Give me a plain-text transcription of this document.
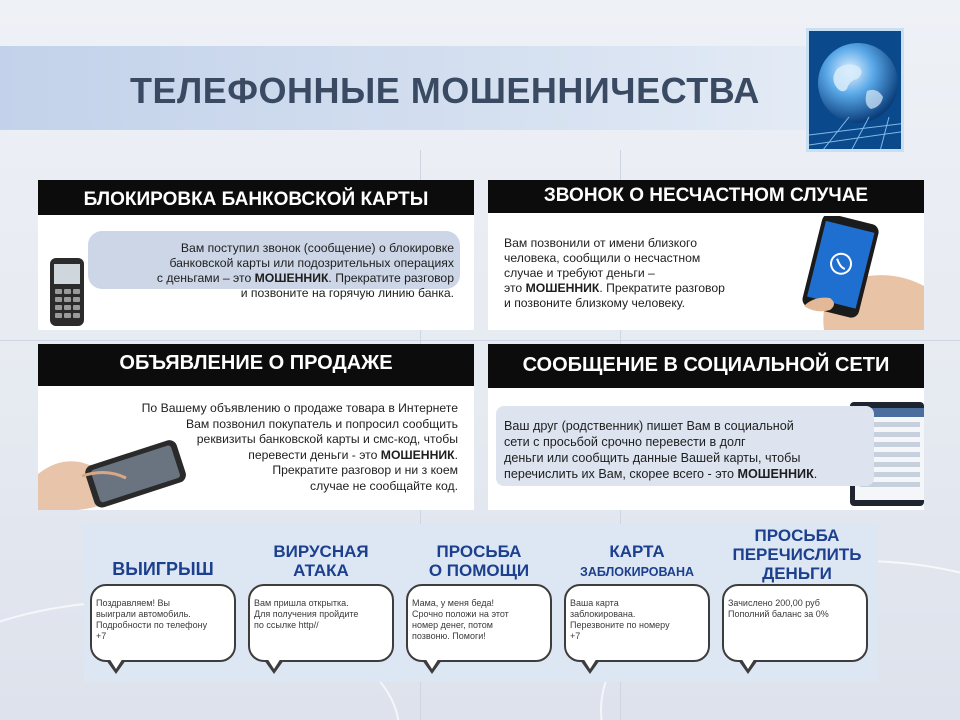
ТЕЛЕФОННЫЕ МОШЕННИЧЕСТВА
БЛОКИРОВКА БАНКОВСКОЙ КАРТЫ
Вам поступил звонок (сообщение) о блокировке
банковской карты или подозрительных операциях
с деньгами – это МОШЕННИК. Прекратите разговор
и позвоните на горячую линию банка.
ЗВОНОК О НЕСЧАСТНОМ СЛУЧАЕ
Вам позвонили от имени близкого
человека, сообщили о несчастном
случае и требуют деньги –
это МОШЕННИК. Прекратите разговор
и позвоните близкому человеку.
ОБЪЯВЛЕНИЕ О ПРОДАЖЕ
По Вашему объявлению о продаже товара в Интернете
Вам позвонил покупатель и попросил сообщить
реквизиты банковской карты и смс-код, чтобы
перевести деньги - это МОШЕННИК.
Прекратите разговор и ни з коем
случае не сообщайте код.
СООБЩЕНИЕ В СОЦИАЛЬНОЙ СЕТИ
Ваш друг (родственник) пишет Вам в социальной
сети с просьбой срочно перевести в долг
деньги или сообщить данные Вашей карты, чтобы
перечислить их Вам, скорее всего - это МОШЕННИК.
ВЫИГРЫШ
Поздравляем! Вы
выиграли автомобиль.
Подробности по телефону
+7
ВИРУСНАЯ
АТАКА
Вам пришла открытка.
Для получения пройдите
по ссылке http//
ПРОСЬБА
О ПОМОЩИ
Мама, у меня беда!
Срочно положи на этот
номер денег, потом
позвоню. Помоги!
КАРТА
ЗАБЛОКИРОВАНА
Ваша карта
заблокирована.
Перезвоните по номеру
+7
ПРОСЬБА
ПЕРЕЧИСЛИТЬ
ДЕНЬГИ
Зачислено 200,00 руб
Пополний баланс за 0%
